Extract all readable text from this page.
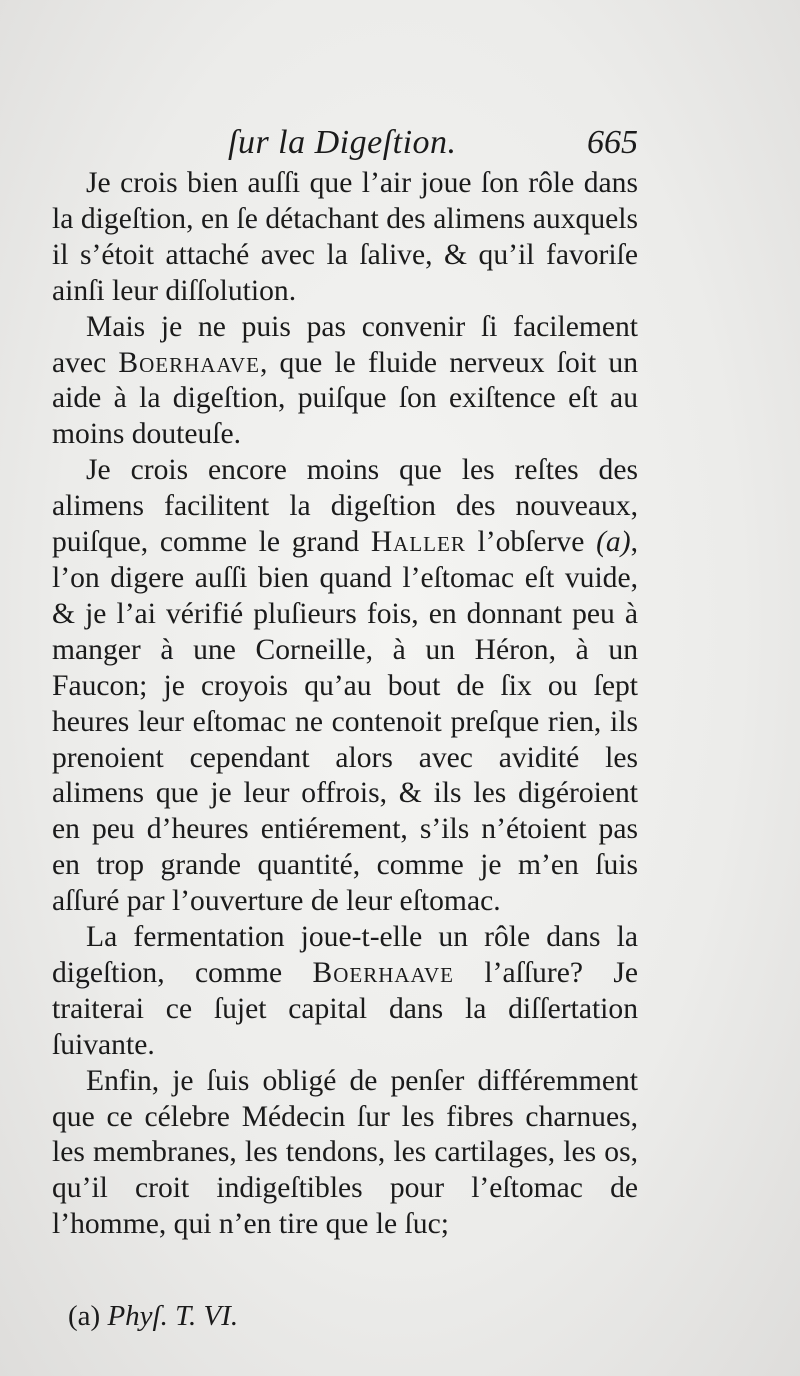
ſur la Digeſtion.	665

Je crois bien auſſi que l’air joue ſon rôle dans la digeſtion, en ſe détachant des alimens auxquels il s’étoit attaché avec la ſalive, & qu’il favoriſe ainſi leur diſſolution.

Mais je ne puis pas convenir ſi facilement avec Boerhaave, que le fluide nerveux ſoit un aide à la digeſtion, puiſque ſon exiſtence eſt au moins douteuſe.

Je crois encore moins que les reſtes des alimens facilitent la digeſtion des nouveaux, puiſque, comme le grand Haller l’obſerve (a), l’on digere auſſi bien quand l’eſtomac eſt vuide, & je l’ai vérifié pluſieurs fois, en donnant peu à manger à une Corneille, à un Héron, à un Faucon; je croyois qu’au bout de ſix ou ſept heures leur eſtomac ne contenoit preſque rien, ils prenoient cependant alors avec avidité les alimens que je leur offrois, & ils les digéroient en peu d’heures entiérement, s’ils n’étoient pas en trop grande quantité, comme je m’en ſuis aſſuré par l’ouverture de leur eſtomac.

La fermentation joue-t-elle un rôle dans la digeſtion, comme Boerhaave l’aſſure? Je traiterai ce ſujet capital dans la diſſertation ſuivante.

Enfin, je ſuis obligé de penſer différemment que ce célebre Médecin ſur les fibres charnues, les membranes, les tendons, les cartilages, les os, qu’il croit indigeſtibles pour l’eſtomac de l’homme, qui n’en tire que le ſuc;

(a) Phyſ. T. VI.
